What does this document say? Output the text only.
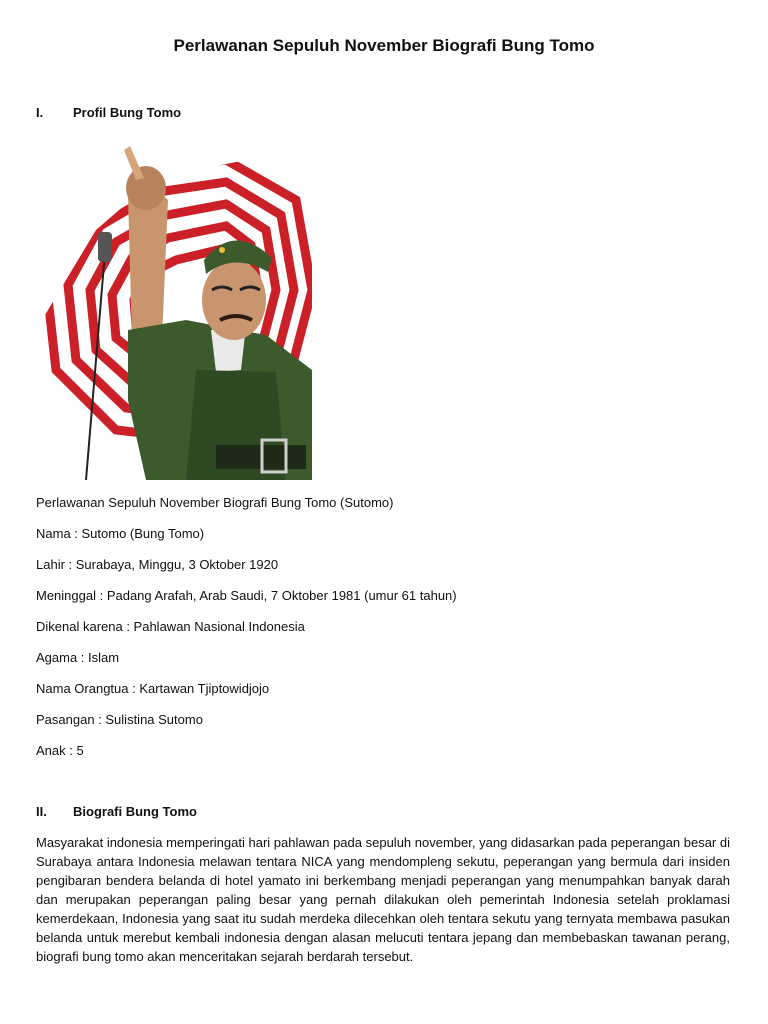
Perlawanan Sepuluh November Biografi Bung Tomo
I.	Profil Bung Tomo
Perlawanan Sepuluh November Biografi Bung Tomo (Sutomo)
Nama : Sutomo (Bung Tomo)
Lahir : Surabaya, Minggu, 3 Oktober 1920
Meninggal : Padang Arafah, Arab Saudi, 7 Oktober 1981 (umur 61 tahun)
Dikenal karena : Pahlawan Nasional Indonesia
Agama : Islam
Nama Orangtua : Kartawan Tjiptowidjojo
Pasangan : Sulistina Sutomo
Anak : 5
II.	Biografi Bung Tomo
Masyarakat indonesia memperingati hari pahlawan pada sepuluh november, yang didasarkan pada peperangan besar di Surabaya antara Indonesia melawan tentara NICA yang mendompleng sekutu, peperangan yang bermula dari insiden pengibaran bendera belanda di hotel yamato ini berkembang menjadi peperangan yang menumpahkan banyak darah dan merupakan peperangan paling besar yang pernah dilakukan oleh pemerintah Indonesia setelah proklamasi kemerdekaan, Indonesia yang saat itu sudah merdeka dilecehkan oleh tentara sekutu yang ternyata membawa pasukan belanda untuk merebut kembali indonesia dengan alasan melucuti tentara jepang dan membebaskan tawanan perang, biografi bung tomo akan menceritakan sejarah berdarah tersebut.
